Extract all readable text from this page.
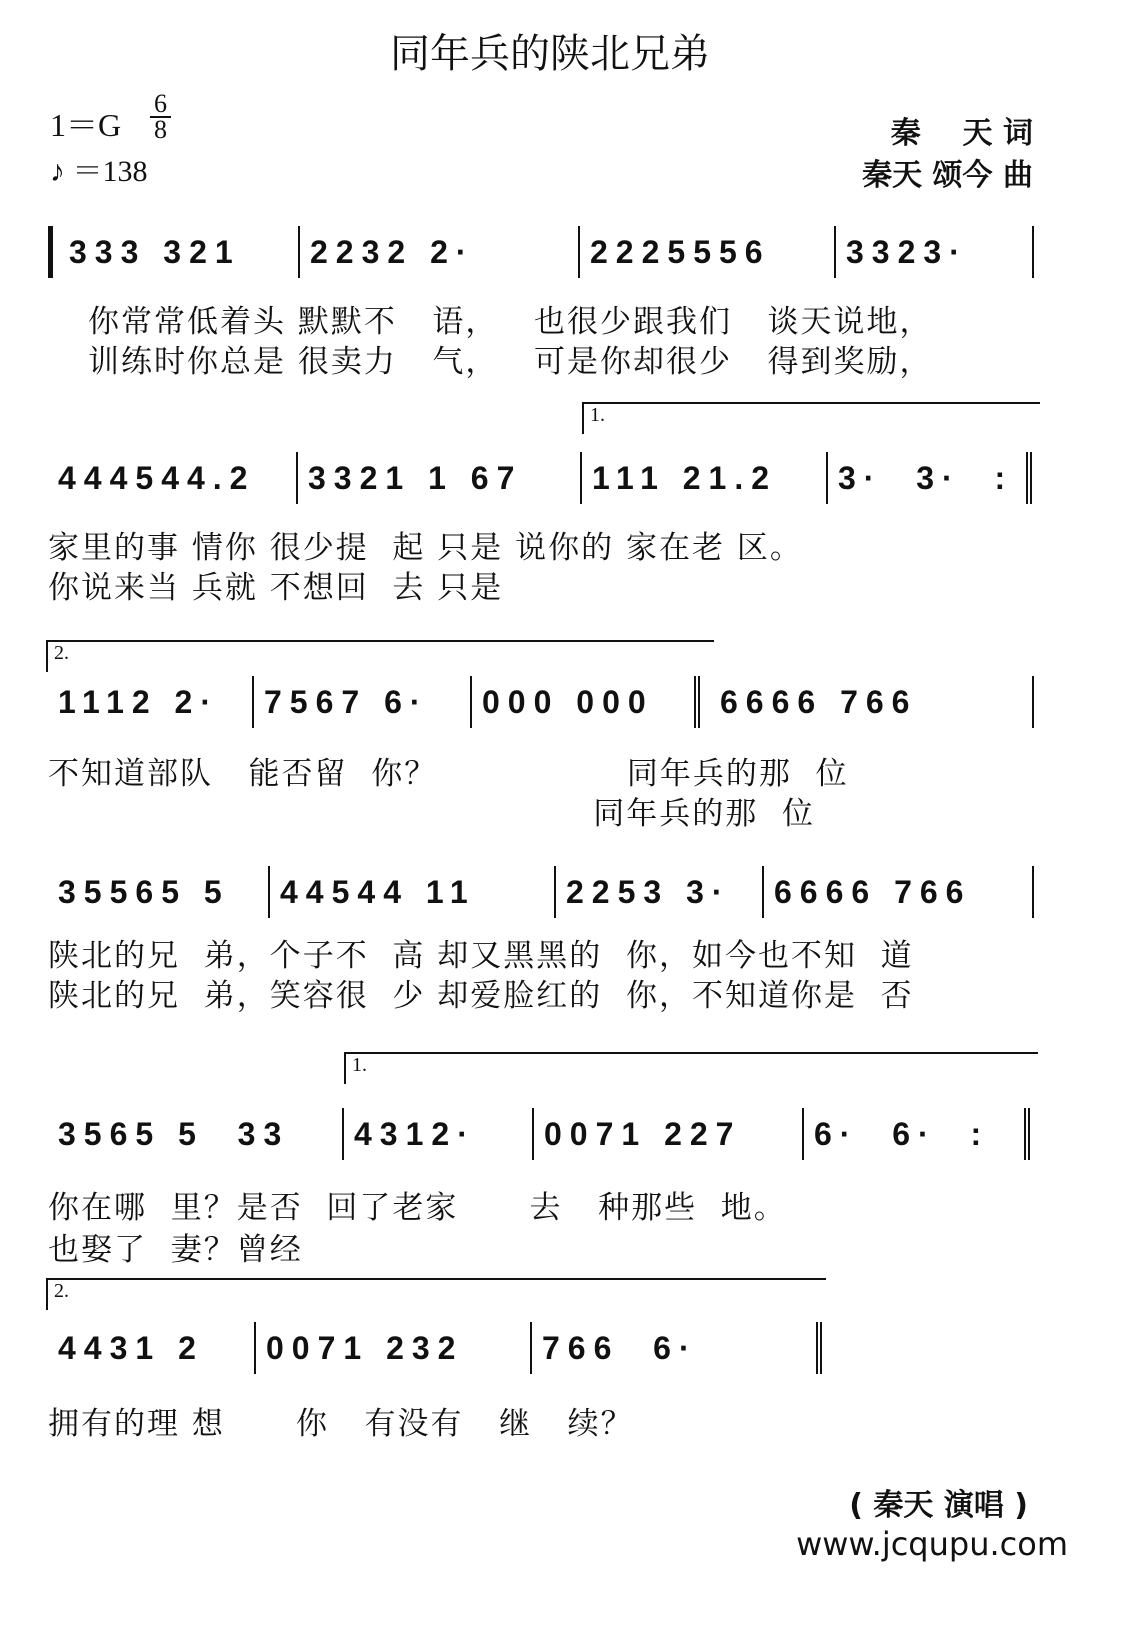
同年兵的陕北兄弟
1＝G
6
8
♪ ＝138
秦    天 词
秦天 颂今 曲
333 321	2232 2·	2225556	3323·
你常常低着头 默默不   语，   也很少跟我们   谈天说地，
训练时你总是 很卖力   气，   可是你却很少   得到奖励，
1.
444544.2	3321 1 67	111 21.2	3·  3·  :
家里的事 情你 很少提  起 只是 说你的 家在老 区。
你说来当 兵就 不想回  去 只是
2.
1112 2·	7567 6·	000 000	6666 766
不知道部队   能否留  你？                同年兵的那  位
同年兵的那  位
35565 5	44544 11	2253 3·	6666 766
陕北的兄  弟，个子不  高 却又黑黑的  你，如今也不知  道
陕北的兄  弟，笑容很  少 却爱脸红的  你，不知道你是  否
1.
3565 5  33	4312·	0071 227	6·  6·  :
你在哪  里？是否  回了老家      去   种那些  地。
也娶了  妻？曾经
2.
4431 2	0071 232	766  6·
拥有的理 想      你   有没有   继   续？
( 秦天 演唱 )
www.jcqupu.com
